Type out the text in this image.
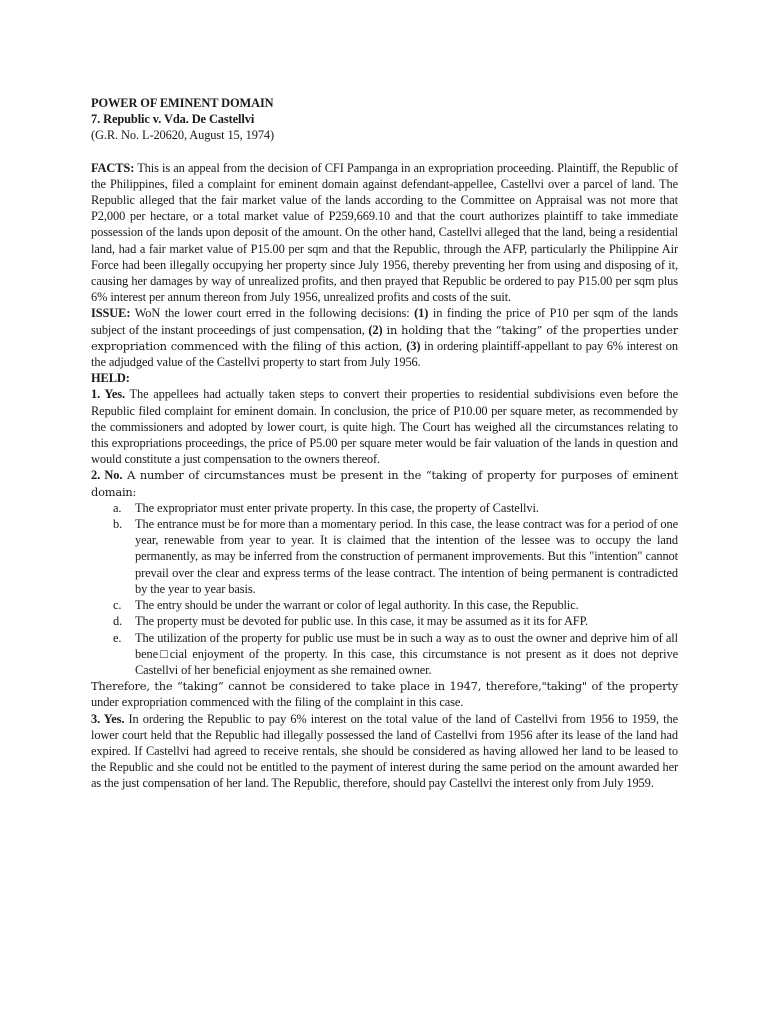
POWER OF EMINENT DOMAIN

7. Republic v. Vda. De Castellvi

(G.R. No. L-20620, August 15, 1974)

FACTS: This is an appeal from the decision of CFI Pampanga in an expropriation proceeding. Plaintiff, the Republic of the Philippines, filed a complaint for eminent domain against defendant-appellee, Castellvi over a parcel of land. The Republic alleged that the fair market value of the lands according to the Committee on Appraisal was not more that P2,000 per hectare, or a total market value of P259,669.10 and that the court authorizes plaintiff to take immediate possession of the lands upon deposit of the amount. On the other hand, Castellvi alleged that the land, being a residential land, had a fair market value of P15.00 per sqm and that the Republic, through the AFP, particularly the Philippine Air Force had been illegally occupying her property since July 1956, thereby preventing her from using and disposing of it, causing her damages by way of unrealized profits, and then prayed that Republic be ordered to pay P15.00 per sqm plus 6% interest per annum thereon from July 1956, unrealized profits and costs of the suit.

ISSUE: WoN the lower court erred in the following decisions: (1) in finding the price of P10 per sqm of the lands subject of the instant proceedings of just compensation, (2) in holding that the “taking” of the properties under expropriation commenced with the filing of this action, (3) in ordering plaintiff-appellant to pay 6% interest on the adjudged value of the Castellvi property to start from July 1956.

HELD:

1. Yes. The appellees had actually taken steps to convert their properties to residential subdivisions even before the Republic filed complaint for eminent domain. In conclusion, the price of P10.00 per square meter, as recommended by the commissioners and adopted by lower court, is quite high. The Court has weighed all the circumstances relating to this expropriations proceedings, the price of P5.00 per square meter would be fair valuation of the lands in question and would constitute a just compensation to the owners thereof.

2. No. A number of circumstances must be present in the “taking of property for purposes of eminent domain:

a. The expropriator must enter private property. In this case, the property of Castellvi.
b. The entrance must be for more than a momentary period. In this case, the lease contract was for a period of one year, renewable from year to year. It is claimed that the intention of the lessee was to occupy the land permanently, as may be inferred from the construction of permanent improvements. But this "intention" cannot prevail over the clear and express terms of the lease contract. The intention of being permanent is contradicted by the year to year basis.
c. The entry should be under the warrant or color of legal authority. In this case, the Republic.
d. The property must be devoted for public use. In this case, it may be assumed as it its for AFP.
e. The utilization of the property for public use must be in such a way as to oust the owner and deprive him of all bene□cial enjoyment of the property. In this case, this circumstance is not present as it does not deprive Castellvi of her beneficial enjoyment as she remained owner.

Therefore, the “taking” cannot be considered to take place in 1947, therefore,"taking" of the property under expropriation commenced with the filing of the complaint in this case.

3. Yes. In ordering the Republic to pay 6% interest on the total value of the land of Castellvi from 1956 to 1959, the lower court held that the Republic had illegally possessed the land of Castellvi from 1956 after its lease of the land had expired. If Castellvi had agreed to receive rentals, she should be considered as having allowed her land to be leased to the Republic and she could not be entitled to the payment of interest during the same period on the amount awarded her as the just compensation of her land. The Republic, therefore, should pay Castellvi the interest only from July 1959.
